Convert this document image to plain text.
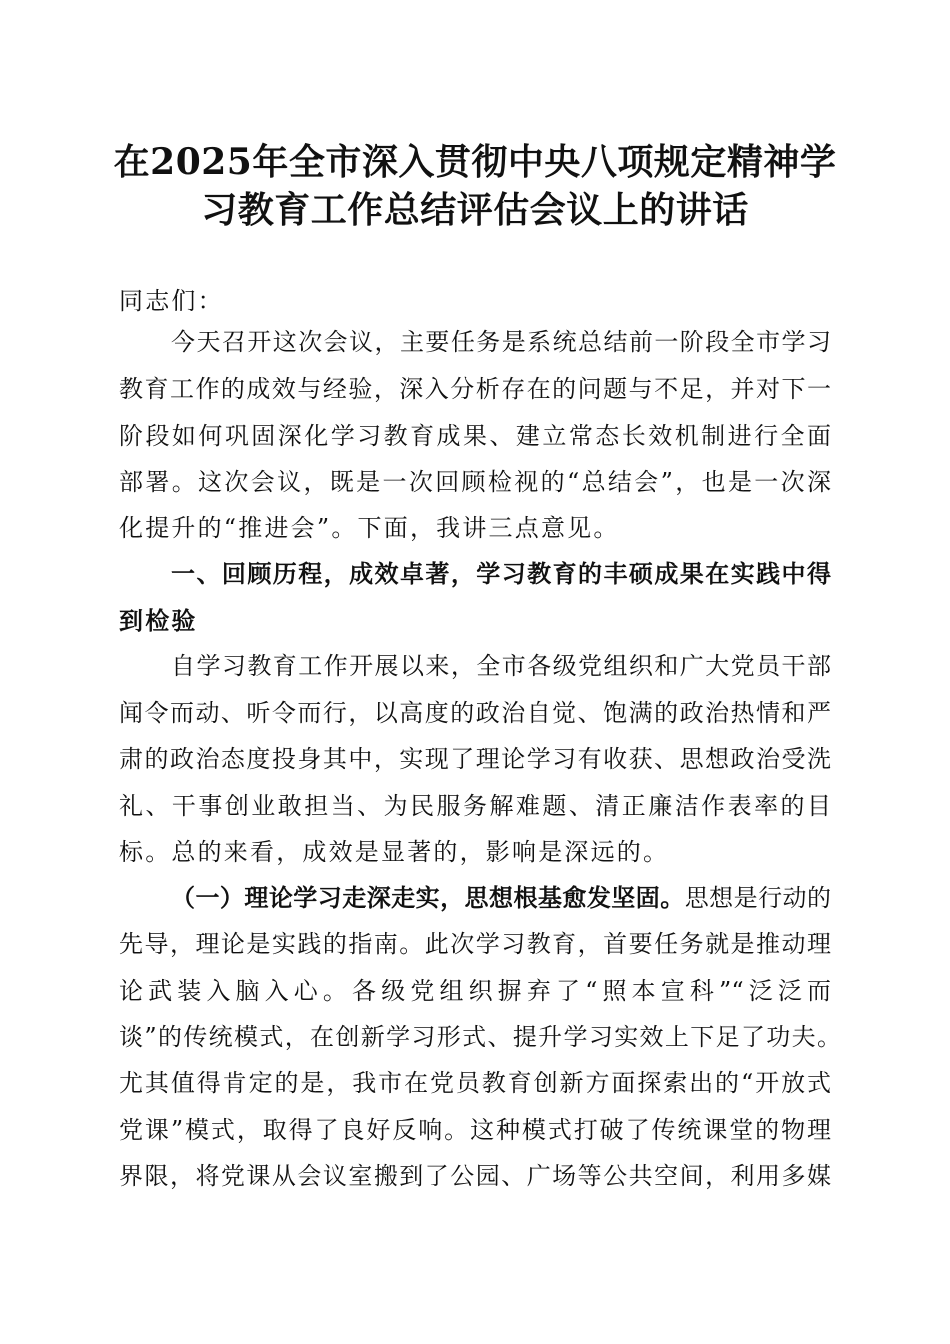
在2025年全市深入贯彻中央八项规定精神学
习教育工作总结评估会议上的讲话
同志们：
今天召开这次会议，主要任务是系统总结前一阶段全市学习
教育工作的成效与经验，深入分析存在的问题与不足，并对下一
阶段如何巩固深化学习教育成果、建立常态长效机制进行全面
部署。这次会议，既是一次回顾检视的“总结会”，也是一次深
化提升的“推进会”。下面，我讲三点意见。
一、回顾历程，成效卓著，学习教育的丰硕成果在实践中得
到检验
自学习教育工作开展以来，全市各级党组织和广大党员干部
闻令而动、听令而行，以高度的政治自觉、饱满的政治热情和严
肃的政治态度投身其中，实现了理论学习有收获、思想政治受洗
礼、干事创业敢担当、为民服务解难题、清正廉洁作表率的目
标。总的来看，成效是显著的，影响是深远的。
（一）理论学习走深走实，思想根基愈发坚固。思想是行动的
先导，理论是实践的指南。此次学习教育，首要任务就是推动理
论武装入脑入心。各级党组织摒弃了“照本宣科”“泛泛而
谈”的传统模式，在创新学习形式、提升学习实效上下足了功夫。
尤其值得肯定的是，我市在党员教育创新方面探索出的“开放式
党课”模式，取得了良好反响。这种模式打破了传统课堂的物理
界限，将党课从会议室搬到了公园、广场等公共空间，利用多媒
